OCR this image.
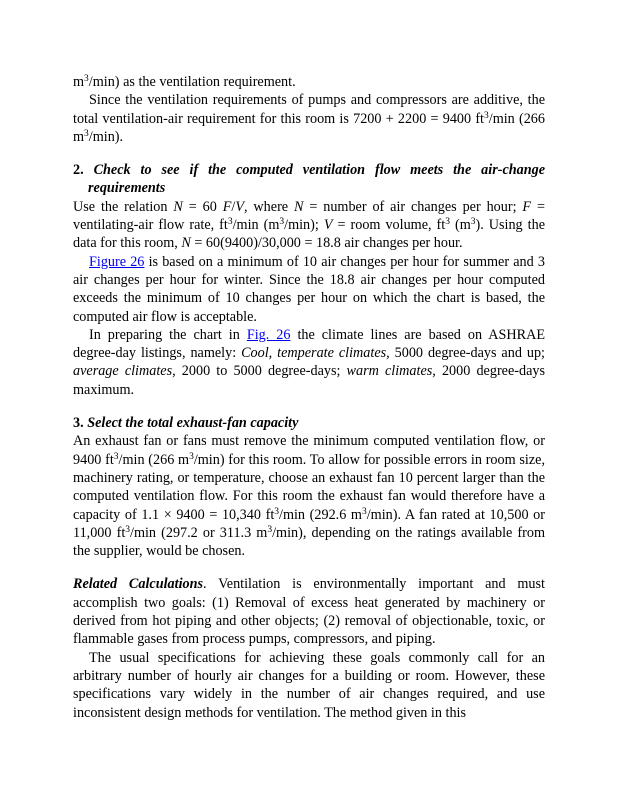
$m^3/\min$) as the ventilation requirement.

Since the ventilation requirements of pumps and compressors are additive, the total ventilation-air requirement for this room is 7200 + 2200 = 9400 $ft^3/\min$ (266 $m^3/\min$).

2. Check to see if the computed ventilation flow meets the air-change requirements

Use the relation N = 60 F/V, where N = number of air changes per hour; F = ventilating-air flow rate, $ft^3/\min$ $(m^3/\min)$; V = room volume, $ft^3$ $(m^3)$. Using the data for this room, N = 60(9400)/30,000 = 18.8 air changes per hour.

Figure 26 is based on a minimum of 10 air changes per hour for summer and 3 air changes per hour for winter. Since the 18.8 air changes per hour computed exceeds the minimum of 10 changes per hour on which the chart is based, the computed air flow is acceptable.

In preparing the chart in Fig. 26 the climate lines are based on ASHRAE degree-day listings, namely: Cool, temperate climates, 5000 degree-days and up; average climates, 2000 to 5000 degree-days; warm climates, 2000 degree-days maximum.

3. Select the total exhaust-fan capacity

An exhaust fan or fans must remove the minimum computed ventilation flow, or 9400 $ft^3/\min$ (266 $m^3/\min$) for this room. To allow for possible errors in room size, machinery rating, or temperature, choose an exhaust fan 10 percent larger than the computed ventilation flow. For this room the exhaust fan would therefore have a capacity of 1.1 × 9400 = 10,340 $ft^3/\min$ (292.6 $m^3/\min$). A fan rated at 10,500 or 11,000 $ft^3/\min$ (297.2 or 311.3 $m^3/\min$), depending on the ratings available from the supplier, would be chosen.

Related Calculations. Ventilation is environmentally important and must accomplish two goals: (1) Removal of excess heat generated by machinery or derived from hot piping and other objects; (2) removal of objectionable, toxic, or flammable gases from process pumps, compressors, and piping.

The usual specifications for achieving these goals commonly call for an arbitrary number of hourly air changes for a building or room. However, these specifications vary widely in the number of air changes required, and use inconsistent design methods for ventilation. The method given in this
